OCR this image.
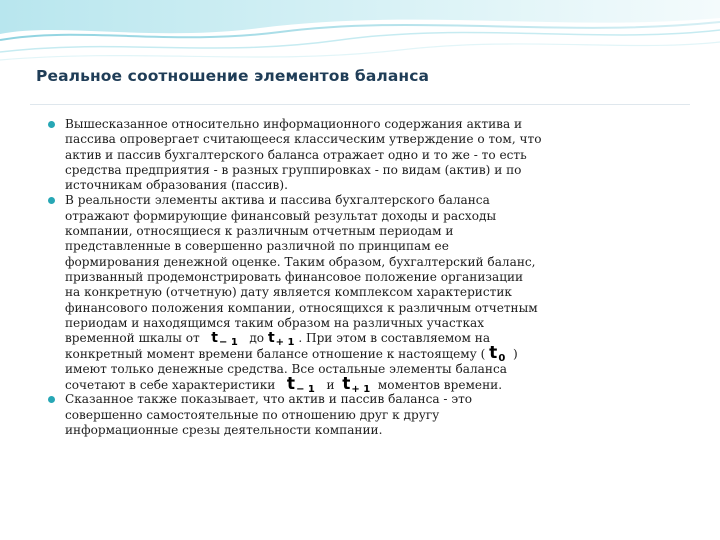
Реальное соотношение элементов баланса
Вышесказанное относительно информационного содержания актива и
пассива опровергает считающееся классическим утверждение о том, что
актив и пассив бухгалтерского баланса отражает одно и то же - то есть
средства предприятия - в разных группировках - по видам (актив) и по
источникам образования (пассив).
В реальности элементы актива и пассива бухгалтерского баланса
отражают формирующие финансовый результат доходы и расходы
компании, относящиеся к различным отчетным периодам и
представленные в совершенно различной по принципам ее
формирования денежной оценке. Таким образом, бухгалтерский баланс,
призванный продемонстрировать финансовое положение организации
на конкретную (отчетную) дату является комплексом характеристик
финансового положения компании, относящихся к различным отчетным
периодам и находящимся таким образом на различных участках
временной шкалы от $t_{- 1}$ до $t_{+ 1}$ . При этом в составляемом на
конкретный момент времени балансе отношение к настоящему ( $t_0$ )
имеют только денежные средства. Все остальные элементы баланса
сочетают в себе характеристики $t_{- 1}$ и $t_{+ 1}$ моментов времени.
Сказанное также показывает, что актив и пассив баланса - это
совершенно самостоятельные по отношению друг к другу
информационные срезы деятельности компании.
